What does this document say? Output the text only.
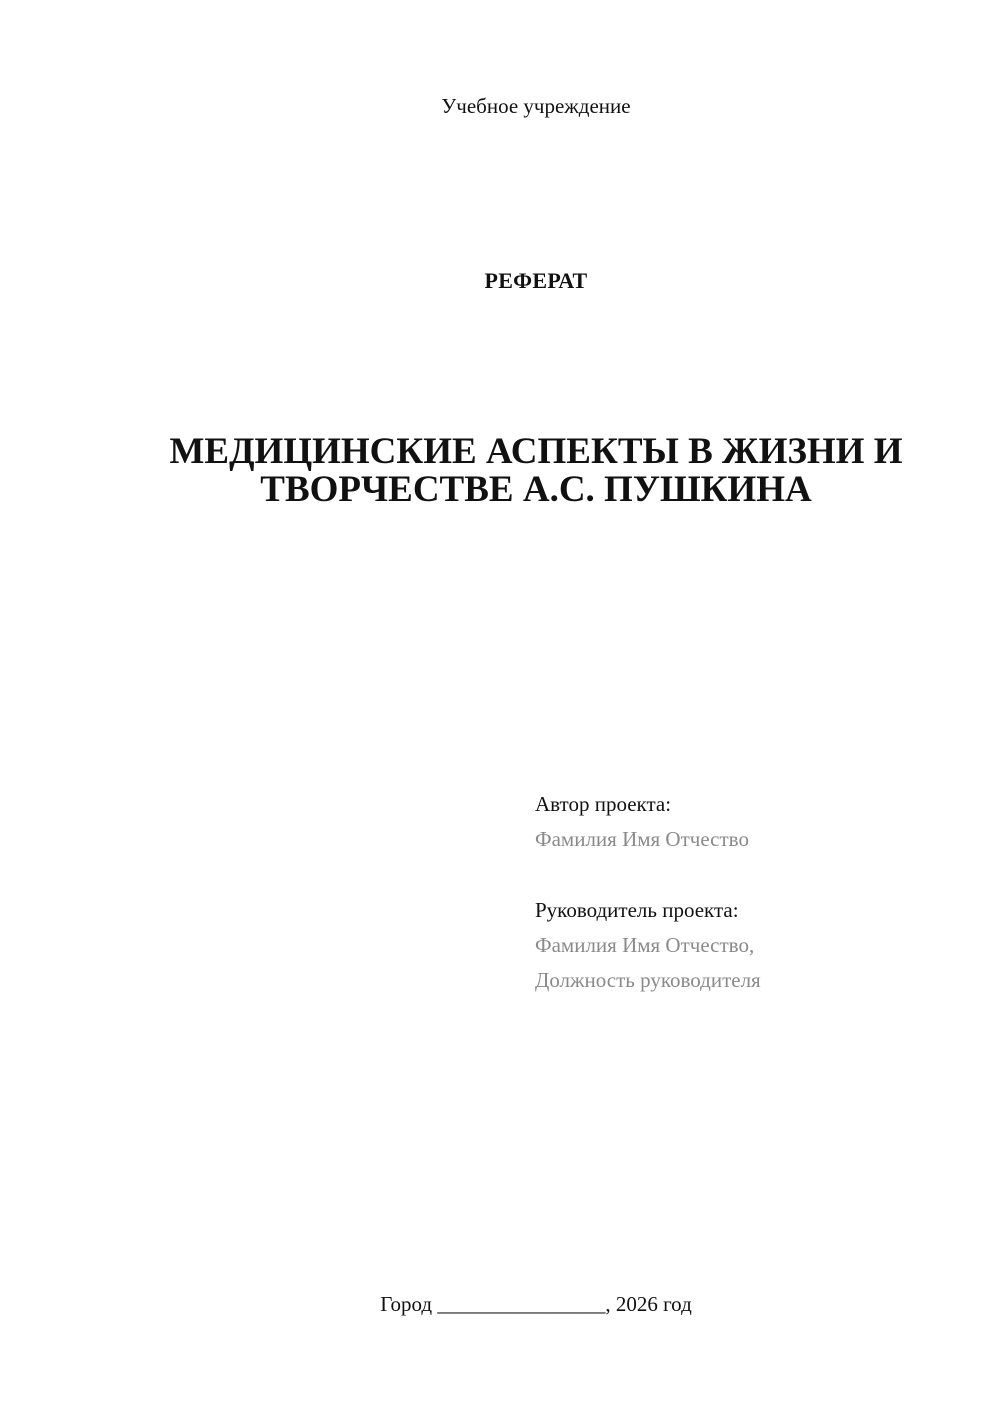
Учебное учреждение
РЕФЕРАТ
МЕДИЦИНСКИЕ АСПЕКТЫ В ЖИЗНИ И
ТВОРЧЕСТВЕ А.С. ПУШКИНА
Автор проекта:
Фамилия Имя Отчество
Руководитель проекта:
Фамилия Имя Отчество,
Должность руководителя
Город ________________, 2026 год
